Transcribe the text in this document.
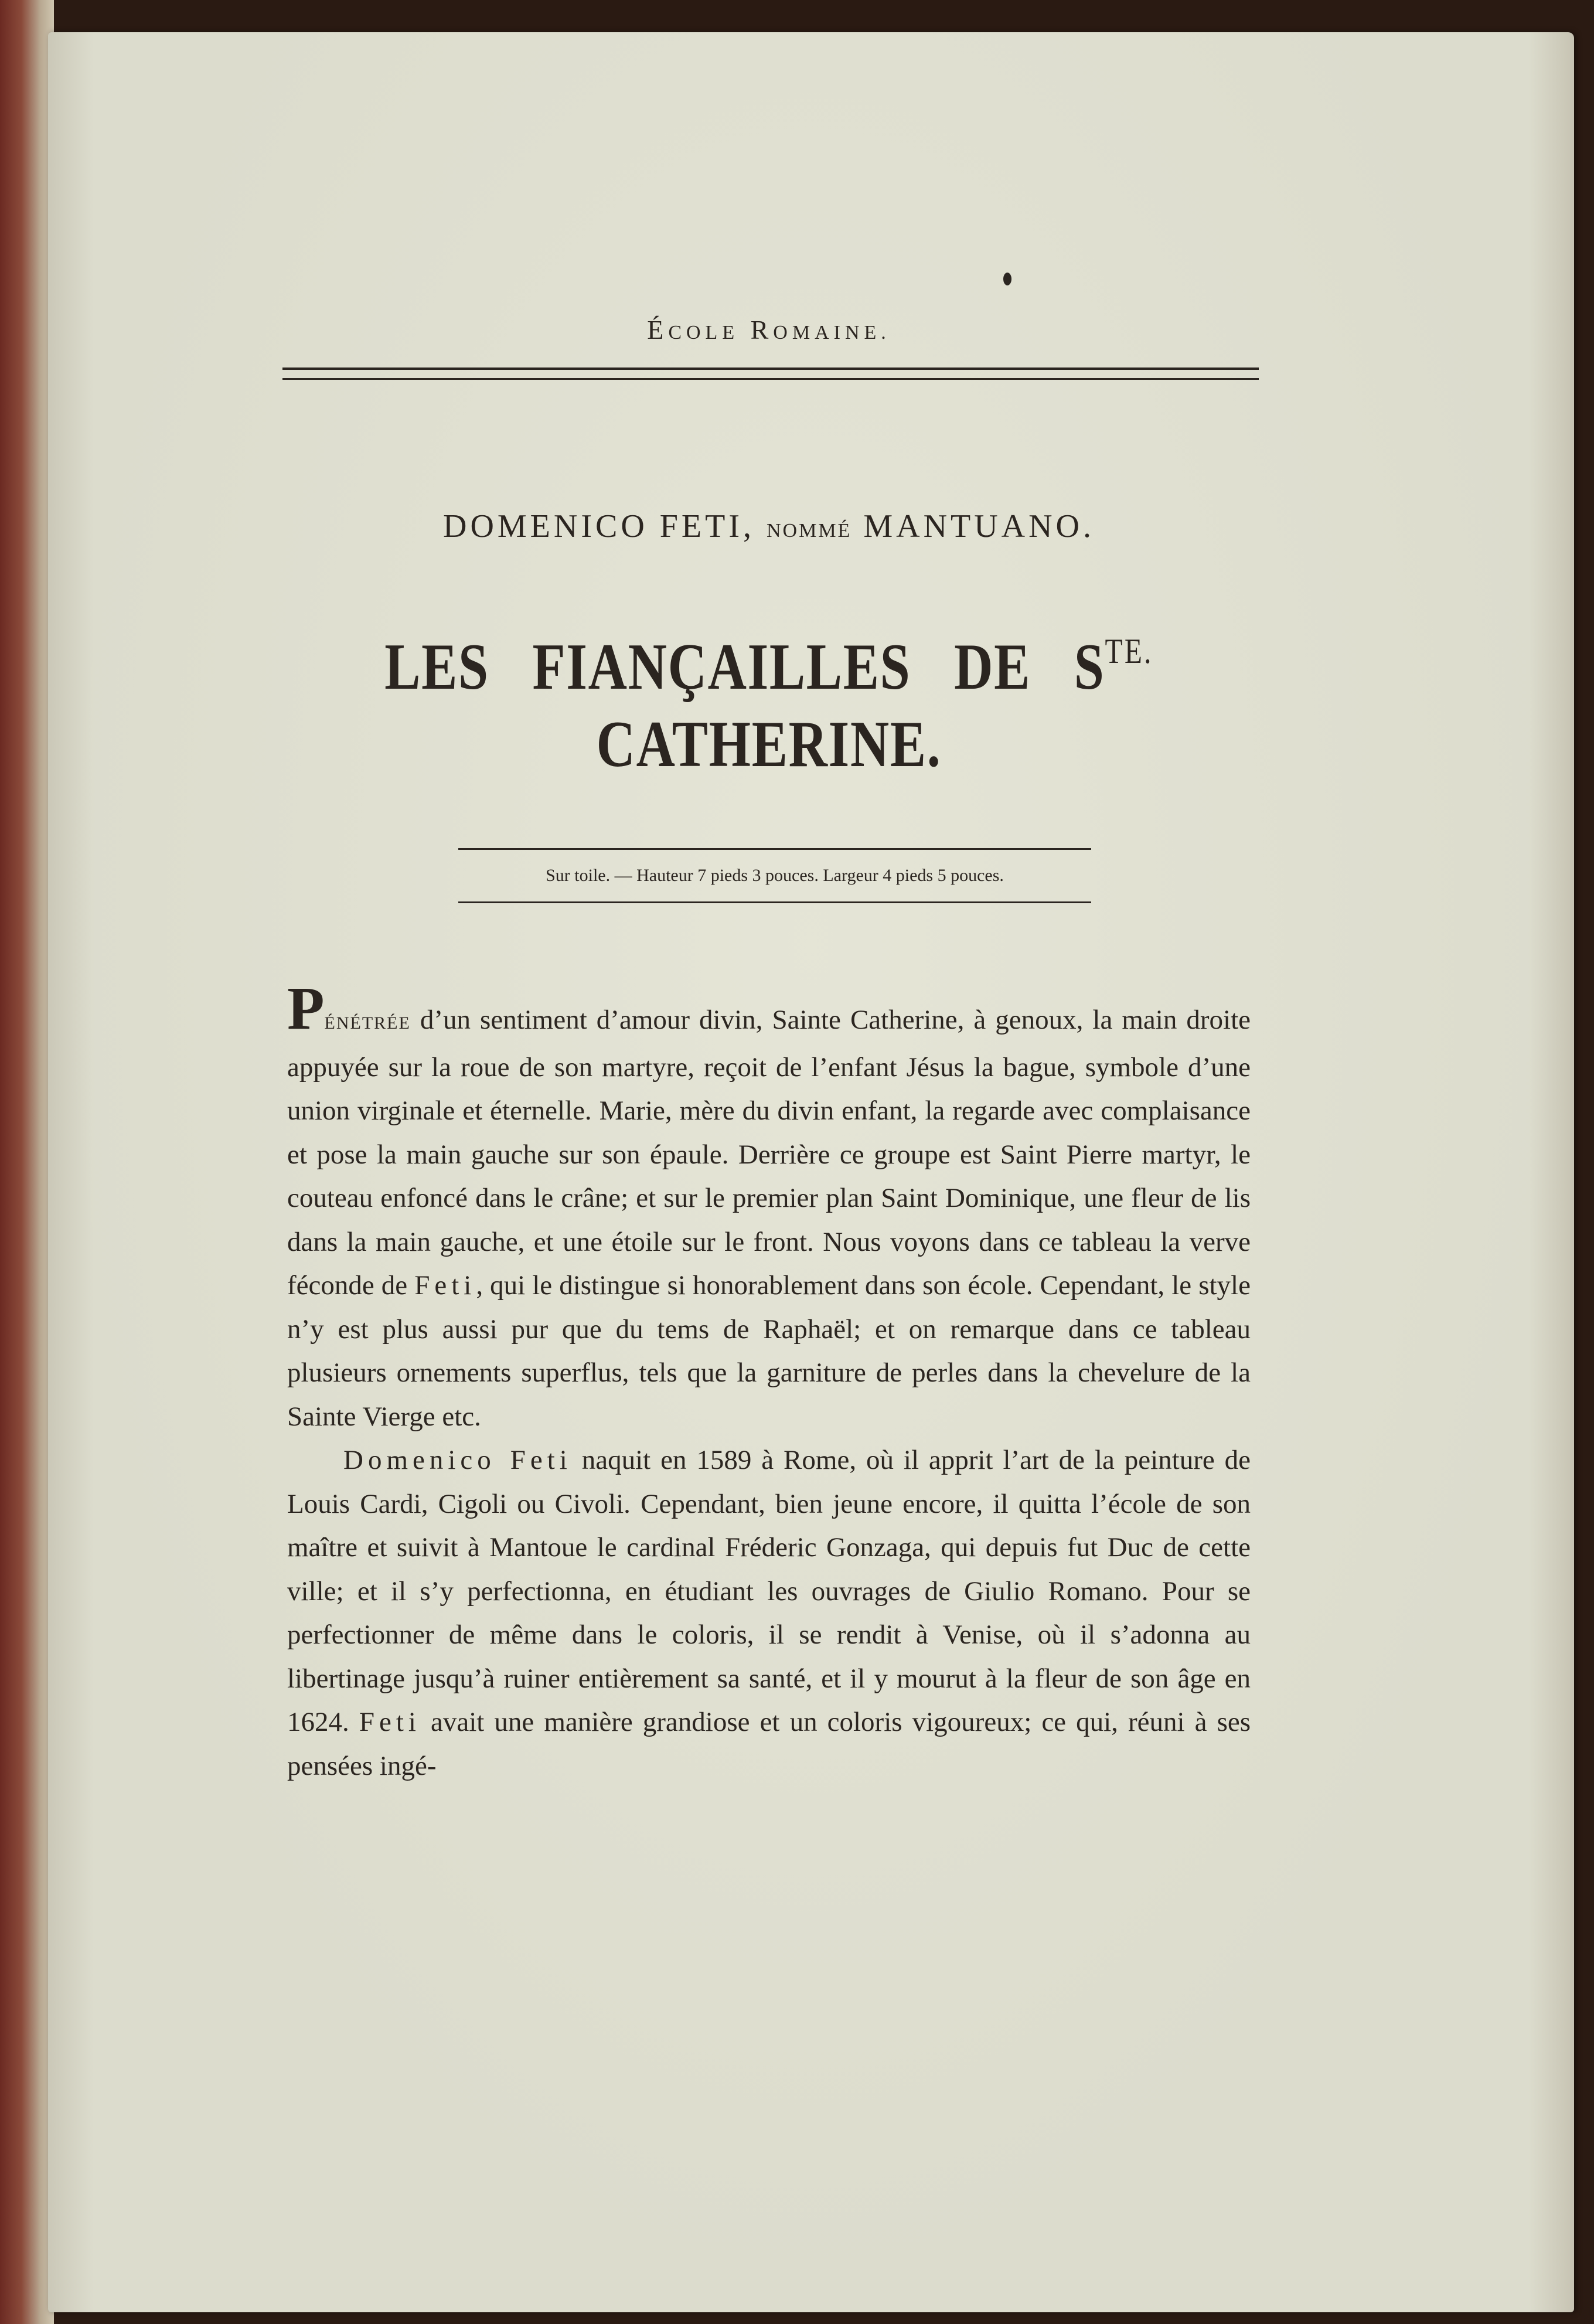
ÉCOLE ROMAINE.
DOMENICO FETI, NOMMÉ MANTUANO.
LES FIANÇAILLES DE $S^{TE.}$
CATHERINE.
Sur toile. — Hauteur 7 pieds 3 pouces. Largeur 4 pieds 5 pouces.

PÉNÉTRÉE d’un sentiment d’amour divin, Sainte Catherine, à genoux, la main droite appuyée sur la roue de son martyre, reçoit de l’enfant Jésus la bague, symbole d’une union virginale et éternelle. Marie, mère du divin enfant, la regarde avec complaisance et pose la main gauche sur son épaule. Derrière ce groupe est Saint Pierre martyr, le couteau enfoncé dans le crâne; et sur le premier plan Saint Dominique, une fleur de lis dans la main gauche, et une étoile sur le front. Nous voyons dans ce tableau la verve féconde de Feti, qui le distingue si honorablement dans son école. Cependant, le style n’y est plus aussi pur que du tems de Raphaël; et on remarque dans ce tableau plusieurs ornements superflus, tels que la garniture de perles dans la chevelure de la Sainte Vierge etc.

Domenico Feti naquit en 1589 à Rome, où il apprit l’art de la peinture de Louis Cardi, Cigoli ou Civoli. Cependant, bien jeune encore, il quitta l’école de son maître et suivit à Mantoue le cardinal Fréderic Gonzaga, qui depuis fut Duc de cette ville; et il s’y perfectionna, en étudiant les ouvrages de Giulio Romano. Pour se perfectionner de même dans le coloris, il se rendit à Venise, où il s’adonna au libertinage jusqu’à ruiner entièrement sa santé, et il y mourut à la fleur de son âge en 1624. Feti avait une manière grandiose et un coloris vigoureux; ce qui, réuni à ses pensées ingé-
